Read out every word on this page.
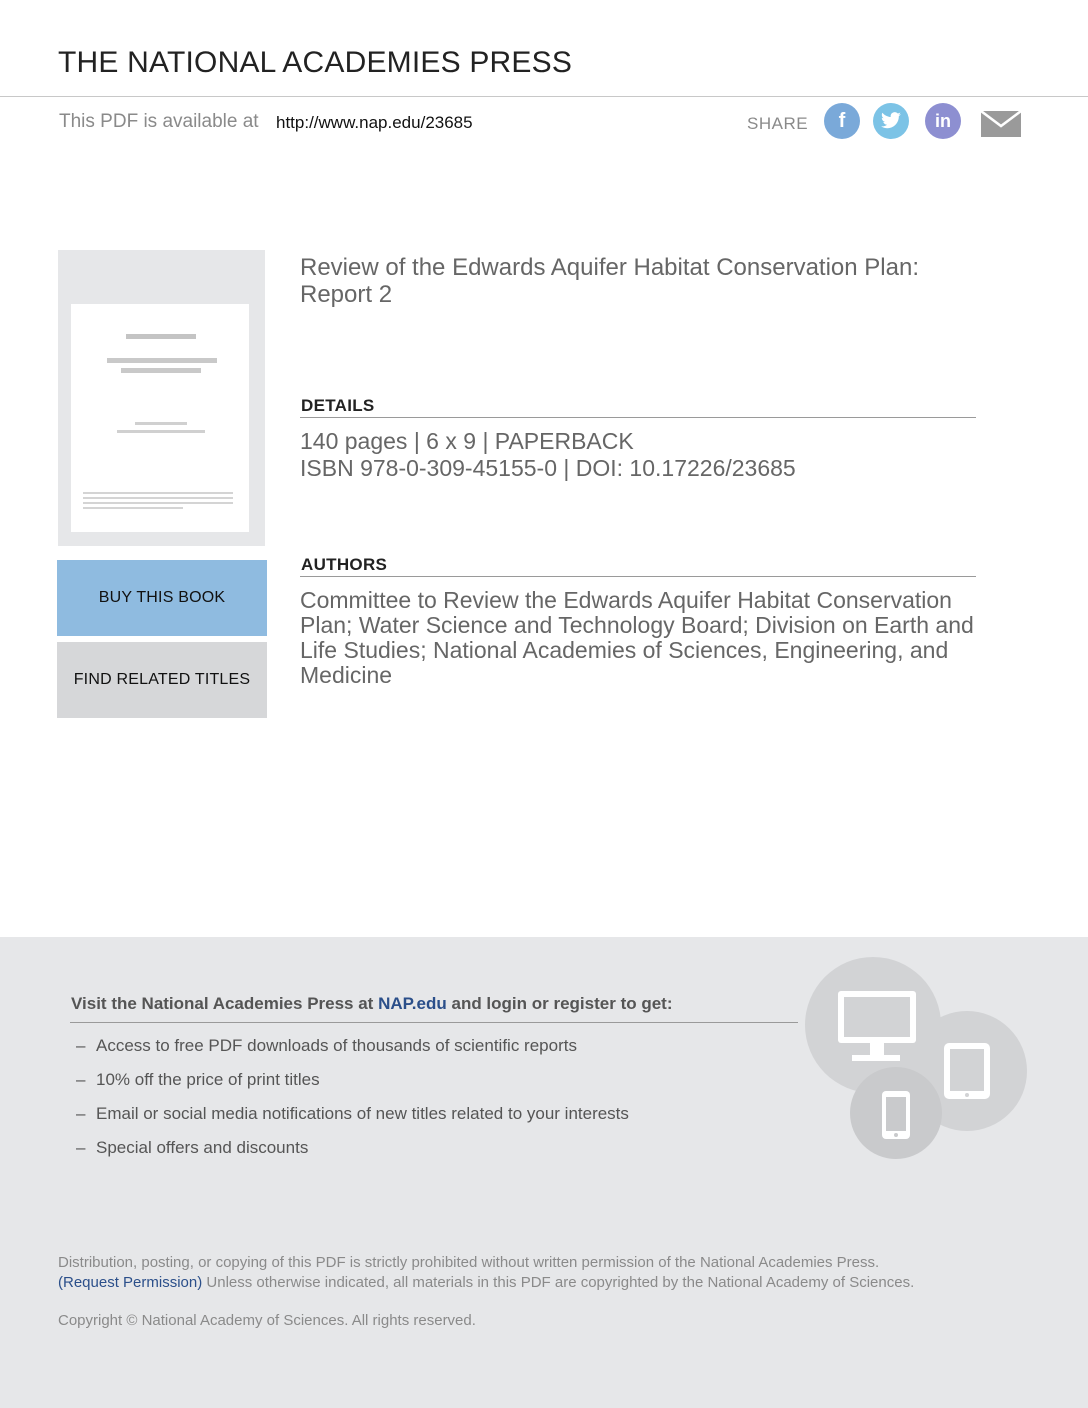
THE NATIONAL ACADEMIES PRESS
This PDF is available at http://www.nap.edu/23685	SHARE f	in
BUY THIS BOOK
FIND RELATED TITLES
Review of the Edwards Aquifer Habitat Conservation Plan: Report 2
DETAILS
140 pages | 6 x 9 | PAPERBACK
ISBN 978-0-309-45155-0 | DOI: 10.17226/23685
AUTHORS
Committee to Review the Edwards Aquifer Habitat Conservation Plan; Water Science and Technology Board; Division on Earth and Life Studies; National Academies of Sciences, Engineering, and Medicine
Visit the National Academies Press at NAP.edu and login or register to get:
– Access to free PDF downloads of thousands of scientific reports
– 10% off the price of print titles
– Email or social media notifications of new titles related to your interests
– Special offers and discounts
Distribution, posting, or copying of this PDF is strictly prohibited without written permission of the National Academies Press.
(Request Permission) Unless otherwise indicated, all materials in this PDF are copyrighted by the National Academy of Sciences.
Copyright © National Academy of Sciences. All rights reserved.
